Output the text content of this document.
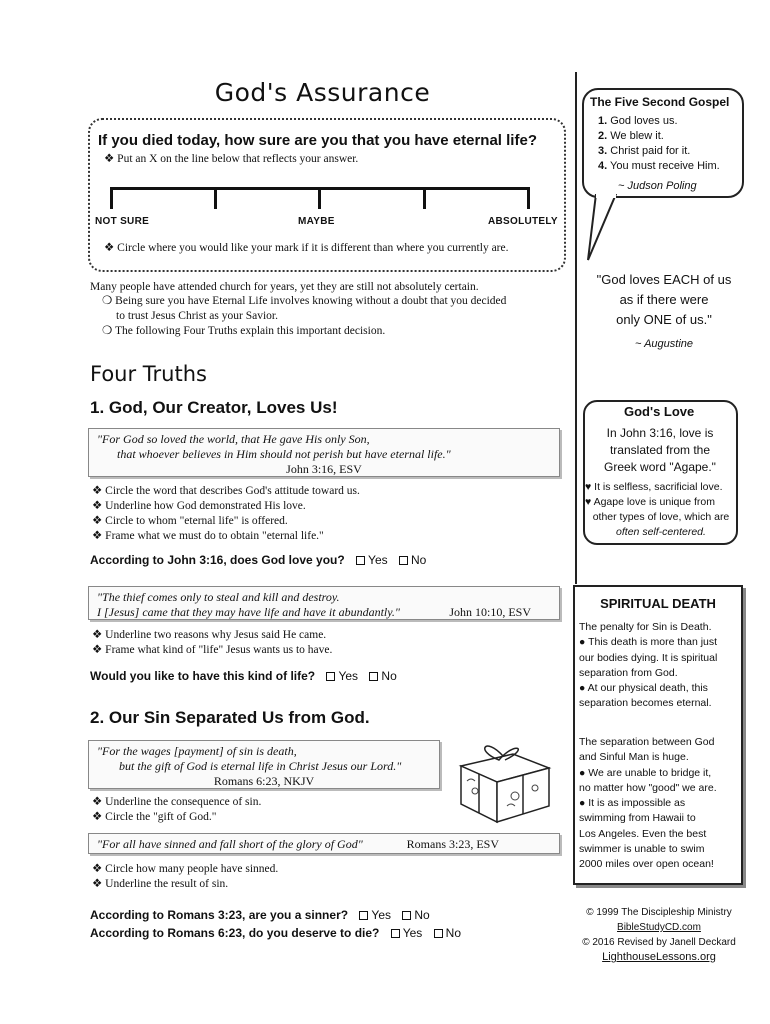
God's Assurance
If you died today, how sure are you that you have eternal life?
❖ Put an X on the line below that reflects your answer.
NOT SURE	MAYBE	ABSOLUTELY
❖ Circle where you would like your mark if it is different than where you currently are.
Many people have attended church for years, yet they are still not absolutely certain.
❍ Being sure you have Eternal Life involves knowing without a doubt that you decided
to trust Jesus Christ as your Savior.
❍ The following Four Truths explain this important decision.
Four Truths
1. God, Our Creator, Loves Us!
"For God so loved the world, that He gave His only Son,
that whoever believes in Him should not perish but have eternal life."
John 3:16, ESV
❖ Circle the word that describes God's attitude toward us.
❖ Underline how God demonstrated His love.
❖ Circle to whom "eternal life" is offered.
❖ Frame what we must do to obtain "eternal life."
According to John 3:16, does God love you? Yes No
"The thief comes only to steal and kill and destroy.
I [Jesus] came that they may have life and have it abundantly."	John 10:10, ESV
❖ Underline two reasons why Jesus said He came.
❖ Frame what kind of "life" Jesus wants us to have.
Would you like to have this kind of life? Yes No
2. Our Sin Separated Us from God.
"For the wages [payment] of sin is death,
but the gift of God is eternal life in Christ Jesus our Lord."
Romans 6:23, NKJV
❖ Underline the consequence of sin.
❖ Circle the "gift of God."
"For all have sinned and fall short of the glory of God"	Romans 3:23, ESV
❖ Circle how many people have sinned.
❖ Underline the result of sin.
According to Romans 3:23, are you a sinner? Yes No
According to Romans 6:23, do you deserve to die? Yes No
The Five Second Gospel
1. God loves us.
2. We blew it.
3. Christ paid for it.
4. You must receive Him.
~ Judson Poling
"God loves EACH of us
as if there were
only ONE of us."
~ Augustine
God's Love
In John 3:16, love is
translated from the
Greek word "Agape."
♥ It is selfless, sacrificial love.
♥ Agape love is unique from
other types of love, which are
often self-centered.
SPIRITUAL DEATH
The penalty for Sin is Death.
● This death is more than just
our bodies dying. It is spiritual
separation from God.
● At our physical death, this
separation becomes eternal.
The separation between God
and Sinful Man is huge.
● We are unable to bridge it,
no matter how "good" we are.
● It is as impossible as
swimming from Hawaii to
Los Angeles. Even the best
swimmer is unable to swim
2000 miles over open ocean!
© 1999 The Discipleship Ministry
BibleStudyCD.com
© 2016 Revised by Janell Deckard
LighthouseLessons.org
